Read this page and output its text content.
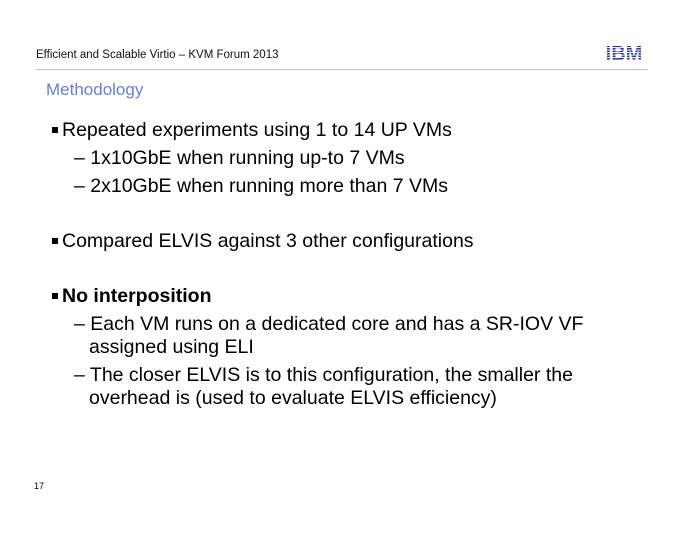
Efficient and Scalable Virtio – KVM Forum 2013	IBM
Methodology
Repeated experiments using 1 to 14 UP VMs
– 1x10GbE when running up-to 7 VMs
– 2x10GbE when running more than 7 VMs
Compared ELVIS against 3 other configurations
No interposition
– Each VM runs on a dedicated core and has a SR-IOV VF
assigned using ELI
– The closer ELVIS is to this configuration, the smaller the
overhead is (used to evaluate ELVIS efficiency)
17
